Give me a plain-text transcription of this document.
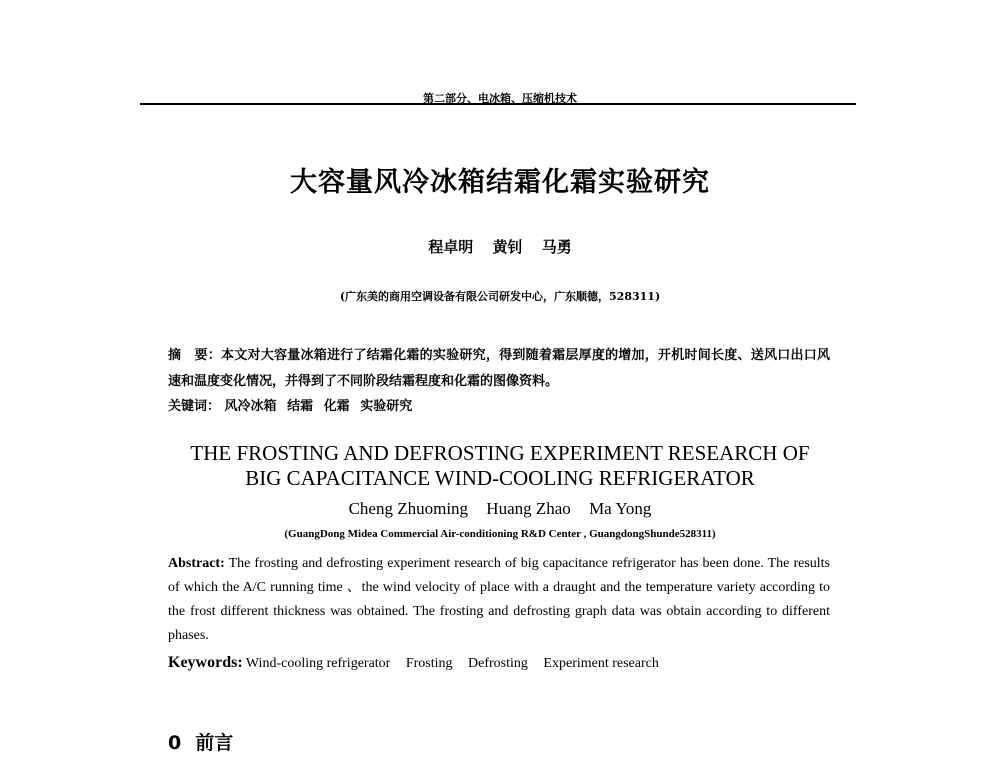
第二部分、电冰箱、压缩机技术
大容量风冷冰箱结霜化霜实验研究
程卓明 黄钊 马勇
(广东美的商用空调设备有限公司研发中心，广东顺德，528311)
摘　要：本文对大容量冰箱进行了结霜化霜的实验研究，得到随着霜层厚度的增加，开机时间长度、送风口出口风速和温度变化情况，并得到了不同阶段结霜程度和化霜的图像资料。
关键词： 风冷冰箱 结霜 化霜 实验研究
THE FROSTING AND DEFROSTING EXPERIMENT RESEARCH OF
BIG CAPACITANCE WIND-COOLING REFRIGERATOR
Cheng Zhuoming Huang Zhao Ma Yong
(GuangDong Midea Commercial Air-conditioning R&D Center , GuangdongShunde528311)
Abstract: The frosting and defrosting experiment research of big capacitance refrigerator has been done. The results of which the A/C running time 、the wind velocity of place with a draught and the temperature variety according to the frost different thickness was obtained. The frosting and defrosting graph data was obtain according to different phases.
Keywords: Wind-cooling refrigerator Frosting Defrosting Experiment research
0 前言
